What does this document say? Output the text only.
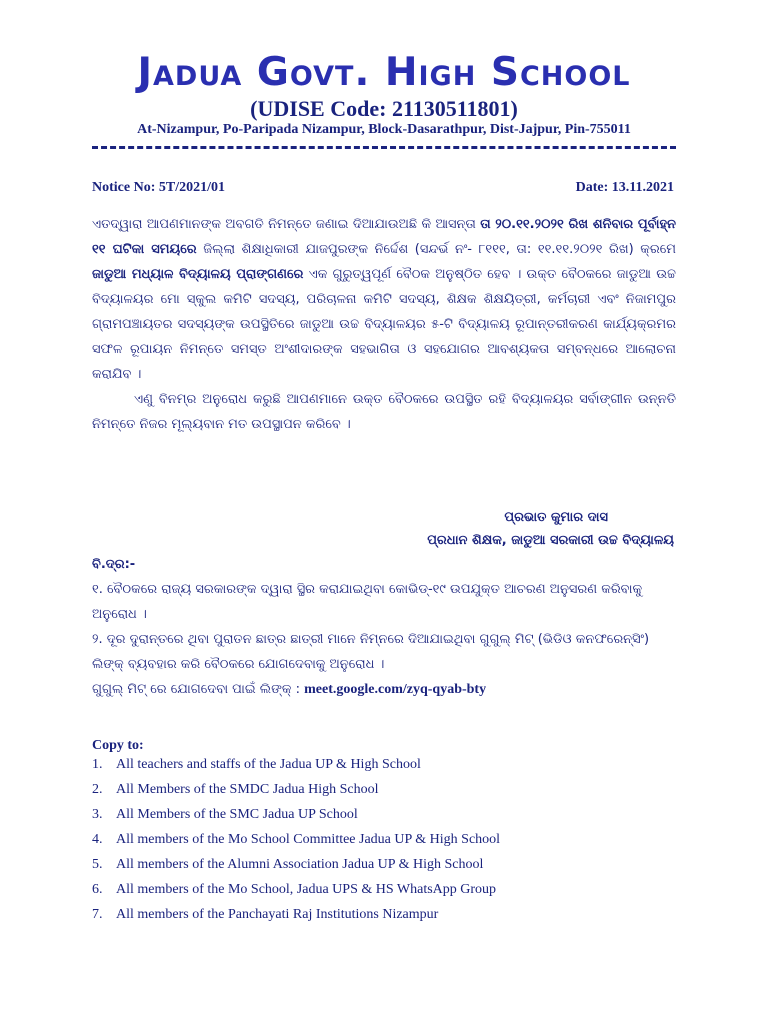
Jadua Govt. High School
(UDISE Code: 21130511801)
At-Nizampur, Po-Paripada Nizampur, Block-Dasarathpur, Dist-Jajpur, Pin-755011
Notice No: 5T/2021/01	Date: 13.11.2021

ଏତଦ୍ୱାରା ଆପଣମାନଙ୍କ ଅବଗତି ନିମନ୍ତେ ଜଣାଇ ଦିଆଯାଉଅଛି କି ଆସନ୍ତା ତା ୨୦.୧୧.୨୦୨୧ ରିଖ ଶନିବାର ପୂର୍ବାହ୍ନ ୧୧ ଘଟିକା ସମୟରେ ଜିଲ୍ଲା ଶିକ୍ଷାଧିକାରୀ ଯାଜପୁରଙ୍କ ନିର୍ଦ୍ଦେଶ (ସନ୍ଦର୍ଭ ନଂ- ୮୧୧୧, ତା: ୧୧.୧୧.୨୦୨୧ ରିଖ) କ୍ରମେ ଜାଡୁଆ ମଧ୍ୟାଳ ବିଦ୍ୟାଳୟ ପ୍ରାଙ୍ଗଣରେ ଏକ ଗୁରୁତ୍ୱପୂର୍ଣ ବୈଠକ ଅନୁଷ୍ଠିତ ହେବ । ଉକ୍ତ ବୈଠକରେ ଜାଡୁଆ ଉଚ୍ଚ ବିଦ୍ୟାଳୟର ମୋ ସ୍କୁଲ କମିଟି ସଦସ୍ୟ, ପରିଚାଳନା କମିଟି ସଦସ୍ୟ, ଶିକ୍ଷକ ଶିକ୍ଷୟିତ୍ରୀ, କର୍ମଚାରୀ ଏବଂ ନିଜାମପୁର ଗ୍ରାମପଞ୍ଚାୟତର ସଦସ୍ୟଙ୍କ ଉପସ୍ଥିତିରେ ଜାଡୁଆ ଉଚ୍ଚ ବିଦ୍ୟାଳୟର ୫-ଟି ବିଦ୍ୟାଳୟ ରୂପାନ୍ତରୀକରଣ କାର୍ଯ୍ୟକ୍ରମର ସଫଳ ରୂପାୟନ ନିମନ୍ତେ ସମସ୍ତ ଅଂଶୀଦାରଙ୍କ ସହଭାଗିତା ଓ ସହଯୋଗର ଆବଶ୍ୟକତା ସମ୍ବନ୍ଧରେ ଆଲୋଚନା କରାଯିବ ।

ଏଣୁ ବିନମ୍ର ଅନୁରୋଧ କରୁଛି ଆପଣମାନେ ଉକ୍ତ ବୈଠକରେ ଉପସ୍ଥିତ ରହି ବିଦ୍ୟାଳୟର ସର୍ବାଙ୍ଗୀନ ଉନ୍ନତି ନିମନ୍ତେ ନିଜର ମୂଲ୍ୟବାନ ମତ ଉପସ୍ଥାପନ କରିବେ ।

ପ୍ରଭାତ କୁମାର ଦାସ
ପ୍ରଧାନ ଶିକ୍ଷକ, ଜାଡୁଆ ସରକାରୀ ଉଚ୍ଚ ବିଦ୍ୟାଳୟ

ବି.ଦ୍ର:-

୧. ବୈଠକରେ ରାଜ୍ୟ ସରକାରଙ୍କ ଦ୍ୱାରା ସ୍ଥିର କରାଯାଇଥିବା କୋଭିଡ୍-୧୯ ଉପଯୁକ୍ତ ଆଚରଣ ଅନୁସରଣ କରିବାକୁ ଅନୁରୋଧ ।

୨. ଦୂର ଦୁରାନ୍ତରେ ଥିବା ପୁରାତନ ଛାତ୍ର ଛାତ୍ରୀ ମାନେ ନିମ୍ନରେ ଦିଆଯାଇଥିବା ଗୁଗୁଲ୍ ମିଟ୍ (ଭିଡିଓ କନଫରେନ୍ସିଂ) ଲିଙ୍କ୍ ବ୍ୟବହାର କରି ବୈଠକରେ ଯୋଗଦେବାକୁ ଅନୁରୋଧ ।

ଗୁଗୁଲ୍ ମିଟ୍ ରେ ଯୋଗଦେବା ପାଇଁ ଲିଙ୍କ୍ : meet.google.com/zyq-qyab-bty

Copy to:
1. All teachers and staffs of the Jadua UP & High School
2. All Members of the SMDC Jadua High School
3. All Members of the SMC Jadua UP School
4. All members of the Mo School Committee Jadua UP & High School
5. All members of the Alumni Association Jadua UP & High School
6. All members of the Mo School, Jadua UPS & HS WhatsApp Group
7. All members of the Panchayati Raj Institutions Nizampur
